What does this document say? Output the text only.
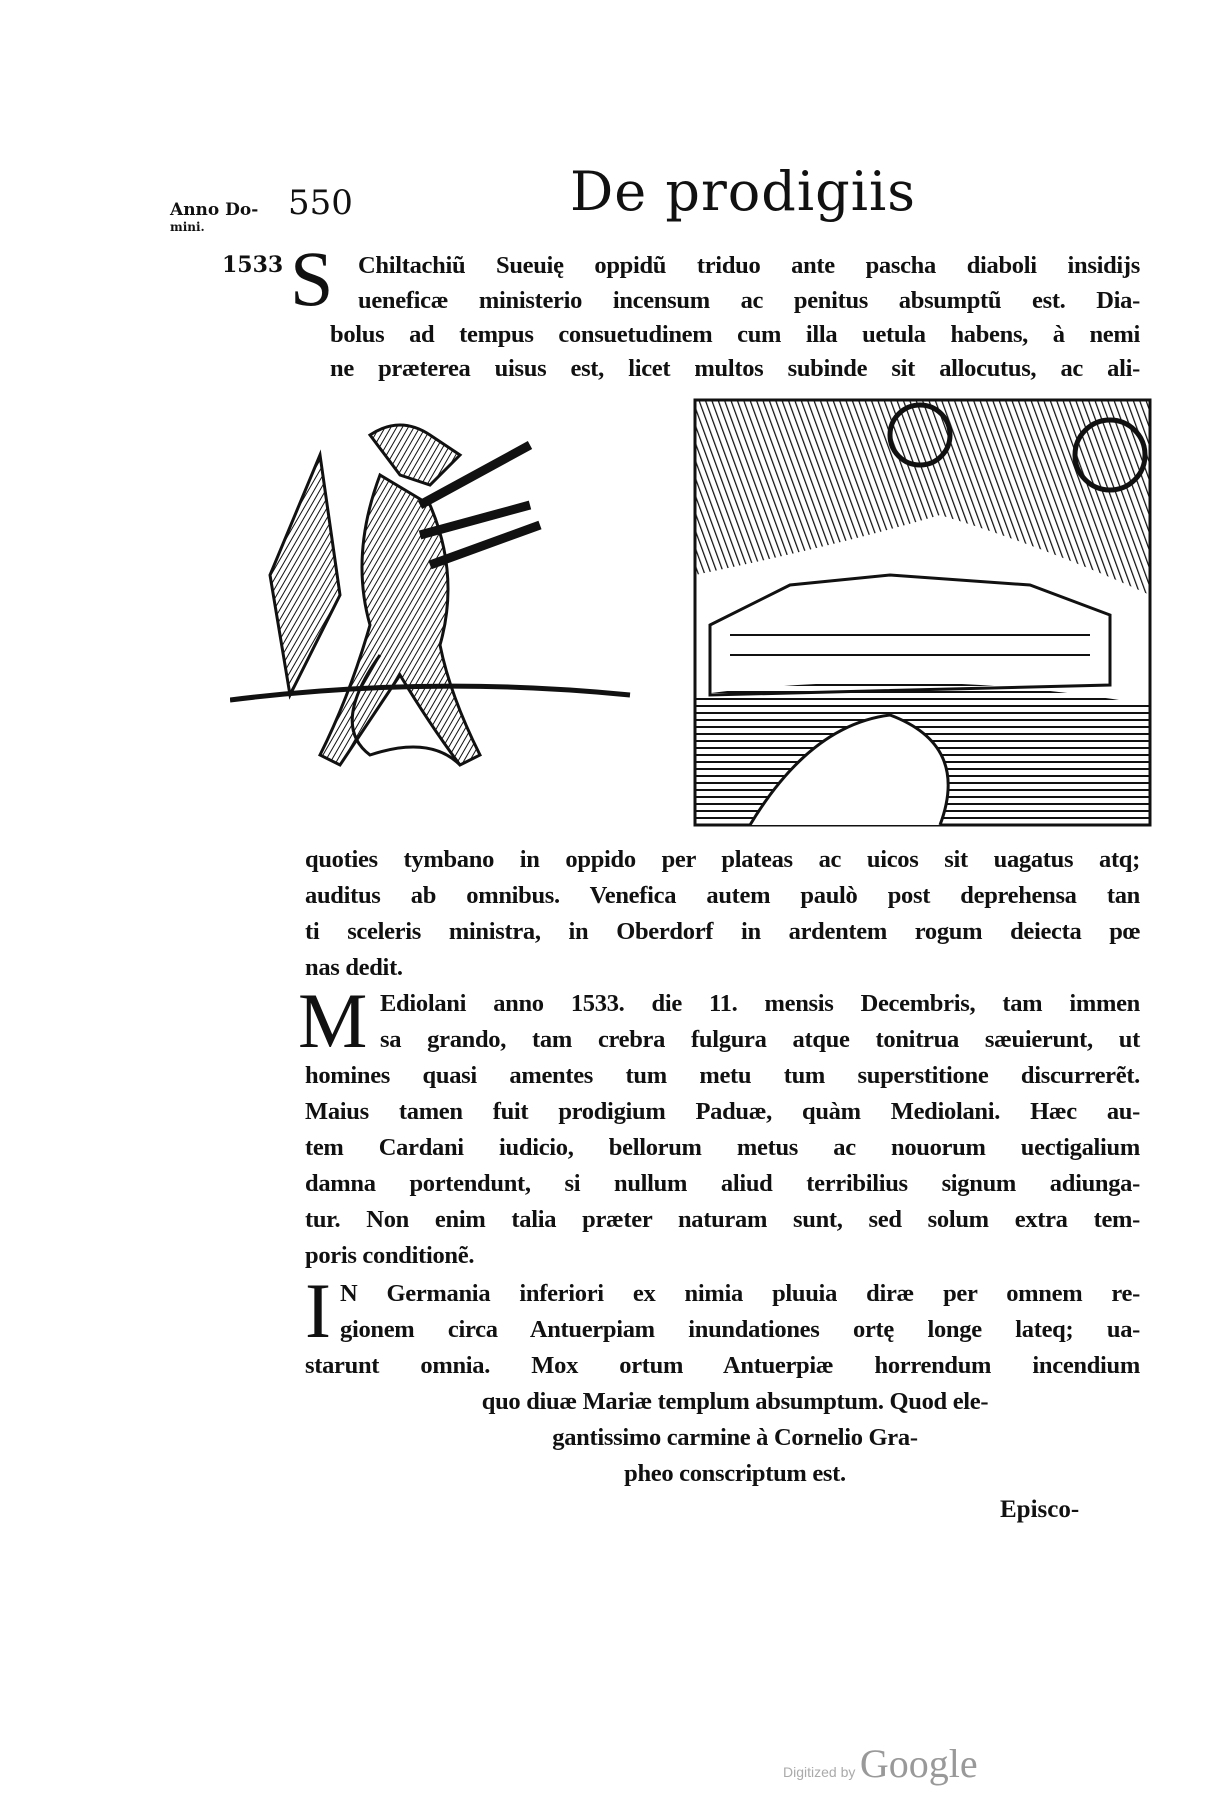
Anno Do-
mini.
550	De prodigiis
1533 S	Chiltachiũ Sueuię oppidũ triduo ante pascha diaboli insidijs
ueneficæ ministerio incensum ac penitus absumptũ est. Dia-
bolus ad tempus consuetudinem cum illa uetula habens, à nemi
ne præterea uisus est, licet multos subinde sit allocutus, ac ali-
quoties tymbano in oppido per plateas ac uicos sit uagatus atq;
auditus ab omnibus. Venefica autem paulò post deprehensa tan
ti sceleris ministra, in Oberdorf in ardentem rogum deiecta pœ
nas dedit.
M Ediolani anno 1533. die 11. mensis Decembris, tam immen
sa grando, tam crebra fulgura atque tonitrua sæuierunt, ut
homines quasi amentes tum metu tum superstitione discurrerẽt.
Maius tamen fuit prodigium Paduæ, quàm Mediolani. Hæc au-
tem Cardani iudicio, bellorum metus ac nouorum uectigalium
damna portendunt, si nullum aliud terribilius signum adiunga-
tur. Non enim talia præter naturam sunt, sed solum extra tem-
poris conditionẽ.
I N Germania inferiori ex nimia pluuia diræ per omnem re-
gionem circa Antuerpiam inundationes ortę longe lateq; ua-
starunt omnia. Mox ortum Antuerpiæ horrendum incendium
quo diuæ Mariæ templum absumptum. Quod ele-
gantissimo carmine à Cornelio Gra-
pheo conscriptum est.
Episco-
Digitized by Google
